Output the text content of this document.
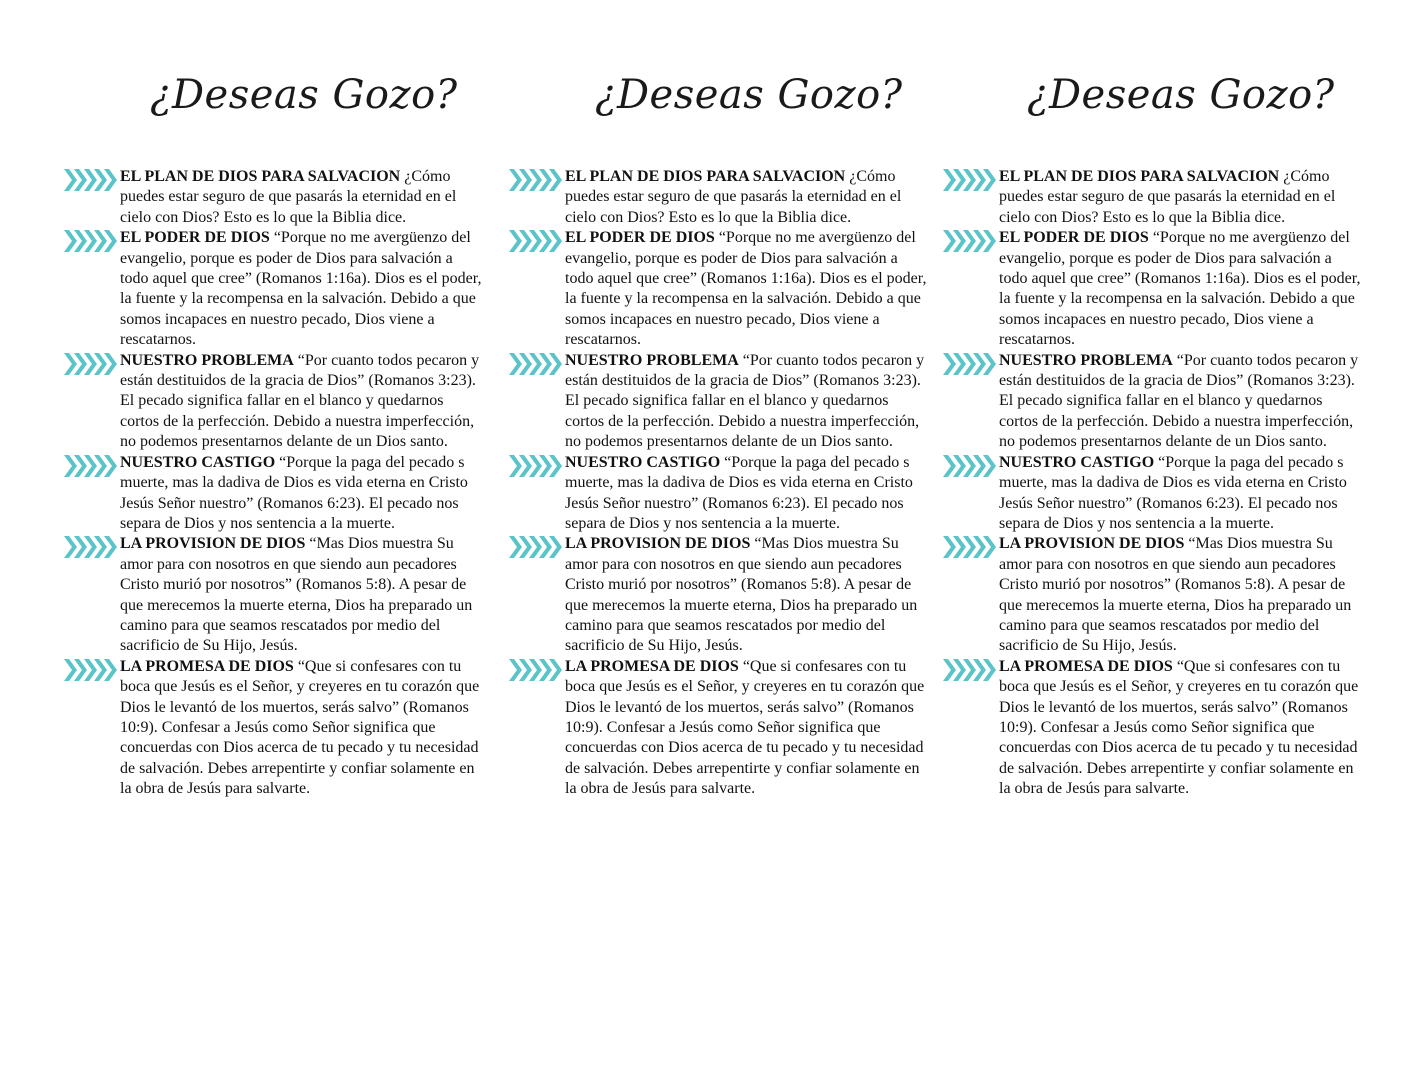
¿Deseas Gozo?

EL PLAN DE DIOS PARA SALVACION ¿Cómo puedes estar seguro de que pasarás la eternidad en el cielo con Dios? Esto es lo que la Biblia dice.

EL PODER DE DIOS “Porque no me avergüenzo del evangelio, porque es poder de Dios para salvación a todo aquel que cree” (Romanos 1:16a). Dios es el poder, la fuente y la recompensa en la salvación. Debido a que somos incapaces en nuestro pecado, Dios viene a rescatarnos.

NUESTRO PROBLEMA “Por cuanto todos pecaron y están destituidos de la gracia de Dios” (Romanos 3:23). El pecado significa fallar en el blanco y quedarnos cortos de la perfección. Debido a nuestra imperfección, no podemos presentarnos delante de un Dios santo.

NUESTRO CASTIGO “Porque la paga del pecado s muerte, mas la dadiva de Dios es vida eterna en Cristo Jesús Señor nuestro” (Romanos 6:23). El pecado nos separa de Dios y nos sentencia a la muerte.

LA PROVISION DE DIOS “Mas Dios muestra Su amor para con nosotros en que siendo aun pecadores Cristo murió por nosotros” (Romanos 5:8). A pesar de que merecemos la muerte eterna, Dios ha preparado un camino para que seamos rescatados por medio del sacrificio de Su Hijo, Jesús.

LA PROMESA DE DIOS “Que si confesares con tu boca que Jesús es el Señor, y creyeres en tu corazón que Dios le levantó de los muertos, serás salvo” (Romanos 10:9). Confesar a Jesús como Señor significa que concuerdas con Dios acerca de tu pecado y tu necesidad de salvación. Debes arrepentirte y confiar solamente en la obra de Jesús para salvarte.

¿Deseas Gozo?

EL PLAN DE DIOS PARA SALVACION ¿Cómo puedes estar seguro de que pasarás la eternidad en el cielo con Dios? Esto es lo que la Biblia dice.

EL PODER DE DIOS “Porque no me avergüenzo del evangelio, porque es poder de Dios para salvación a todo aquel que cree” (Romanos 1:16a). Dios es el poder, la fuente y la recompensa en la salvación. Debido a que somos incapaces en nuestro pecado, Dios viene a rescatarnos.

NUESTRO PROBLEMA “Por cuanto todos pecaron y están destituidos de la gracia de Dios” (Romanos 3:23). El pecado significa fallar en el blanco y quedarnos cortos de la perfección. Debido a nuestra imperfección, no podemos presentarnos delante de un Dios santo.

NUESTRO CASTIGO “Porque la paga del pecado s muerte, mas la dadiva de Dios es vida eterna en Cristo Jesús Señor nuestro” (Romanos 6:23). El pecado nos separa de Dios y nos sentencia a la muerte.

LA PROVISION DE DIOS “Mas Dios muestra Su amor para con nosotros en que siendo aun pecadores Cristo murió por nosotros” (Romanos 5:8). A pesar de que merecemos la muerte eterna, Dios ha preparado un camino para que seamos rescatados por medio del sacrificio de Su Hijo, Jesús.

LA PROMESA DE DIOS “Que si confesares con tu boca que Jesús es el Señor, y creyeres en tu corazón que Dios le levantó de los muertos, serás salvo” (Romanos 10:9). Confesar a Jesús como Señor significa que concuerdas con Dios acerca de tu pecado y tu necesidad de salvación. Debes arrepentirte y confiar solamente en la obra de Jesús para salvarte.

¿Deseas Gozo?

EL PLAN DE DIOS PARA SALVACION ¿Cómo puedes estar seguro de que pasarás la eternidad en el cielo con Dios? Esto es lo que la Biblia dice.

EL PODER DE DIOS “Porque no me avergüenzo del evangelio, porque es poder de Dios para salvación a todo aquel que cree” (Romanos 1:16a). Dios es el poder, la fuente y la recompensa en la salvación. Debido a que somos incapaces en nuestro pecado, Dios viene a rescatarnos.

NUESTRO PROBLEMA “Por cuanto todos pecaron y están destituidos de la gracia de Dios” (Romanos 3:23). El pecado significa fallar en el blanco y quedarnos cortos de la perfección. Debido a nuestra imperfección, no podemos presentarnos delante de un Dios santo.

NUESTRO CASTIGO “Porque la paga del pecado s muerte, mas la dadiva de Dios es vida eterna en Cristo Jesús Señor nuestro” (Romanos 6:23). El pecado nos separa de Dios y nos sentencia a la muerte.

LA PROVISION DE DIOS “Mas Dios muestra Su amor para con nosotros en que siendo aun pecadores Cristo murió por nosotros” (Romanos 5:8). A pesar de que merecemos la muerte eterna, Dios ha preparado un camino para que seamos rescatados por medio del sacrificio de Su Hijo, Jesús.

LA PROMESA DE DIOS “Que si confesares con tu boca que Jesús es el Señor, y creyeres en tu corazón que Dios le levantó de los muertos, serás salvo” (Romanos 10:9). Confesar a Jesús como Señor significa que concuerdas con Dios acerca de tu pecado y tu necesidad de salvación. Debes arrepentirte y confiar solamente en la obra de Jesús para salvarte.
